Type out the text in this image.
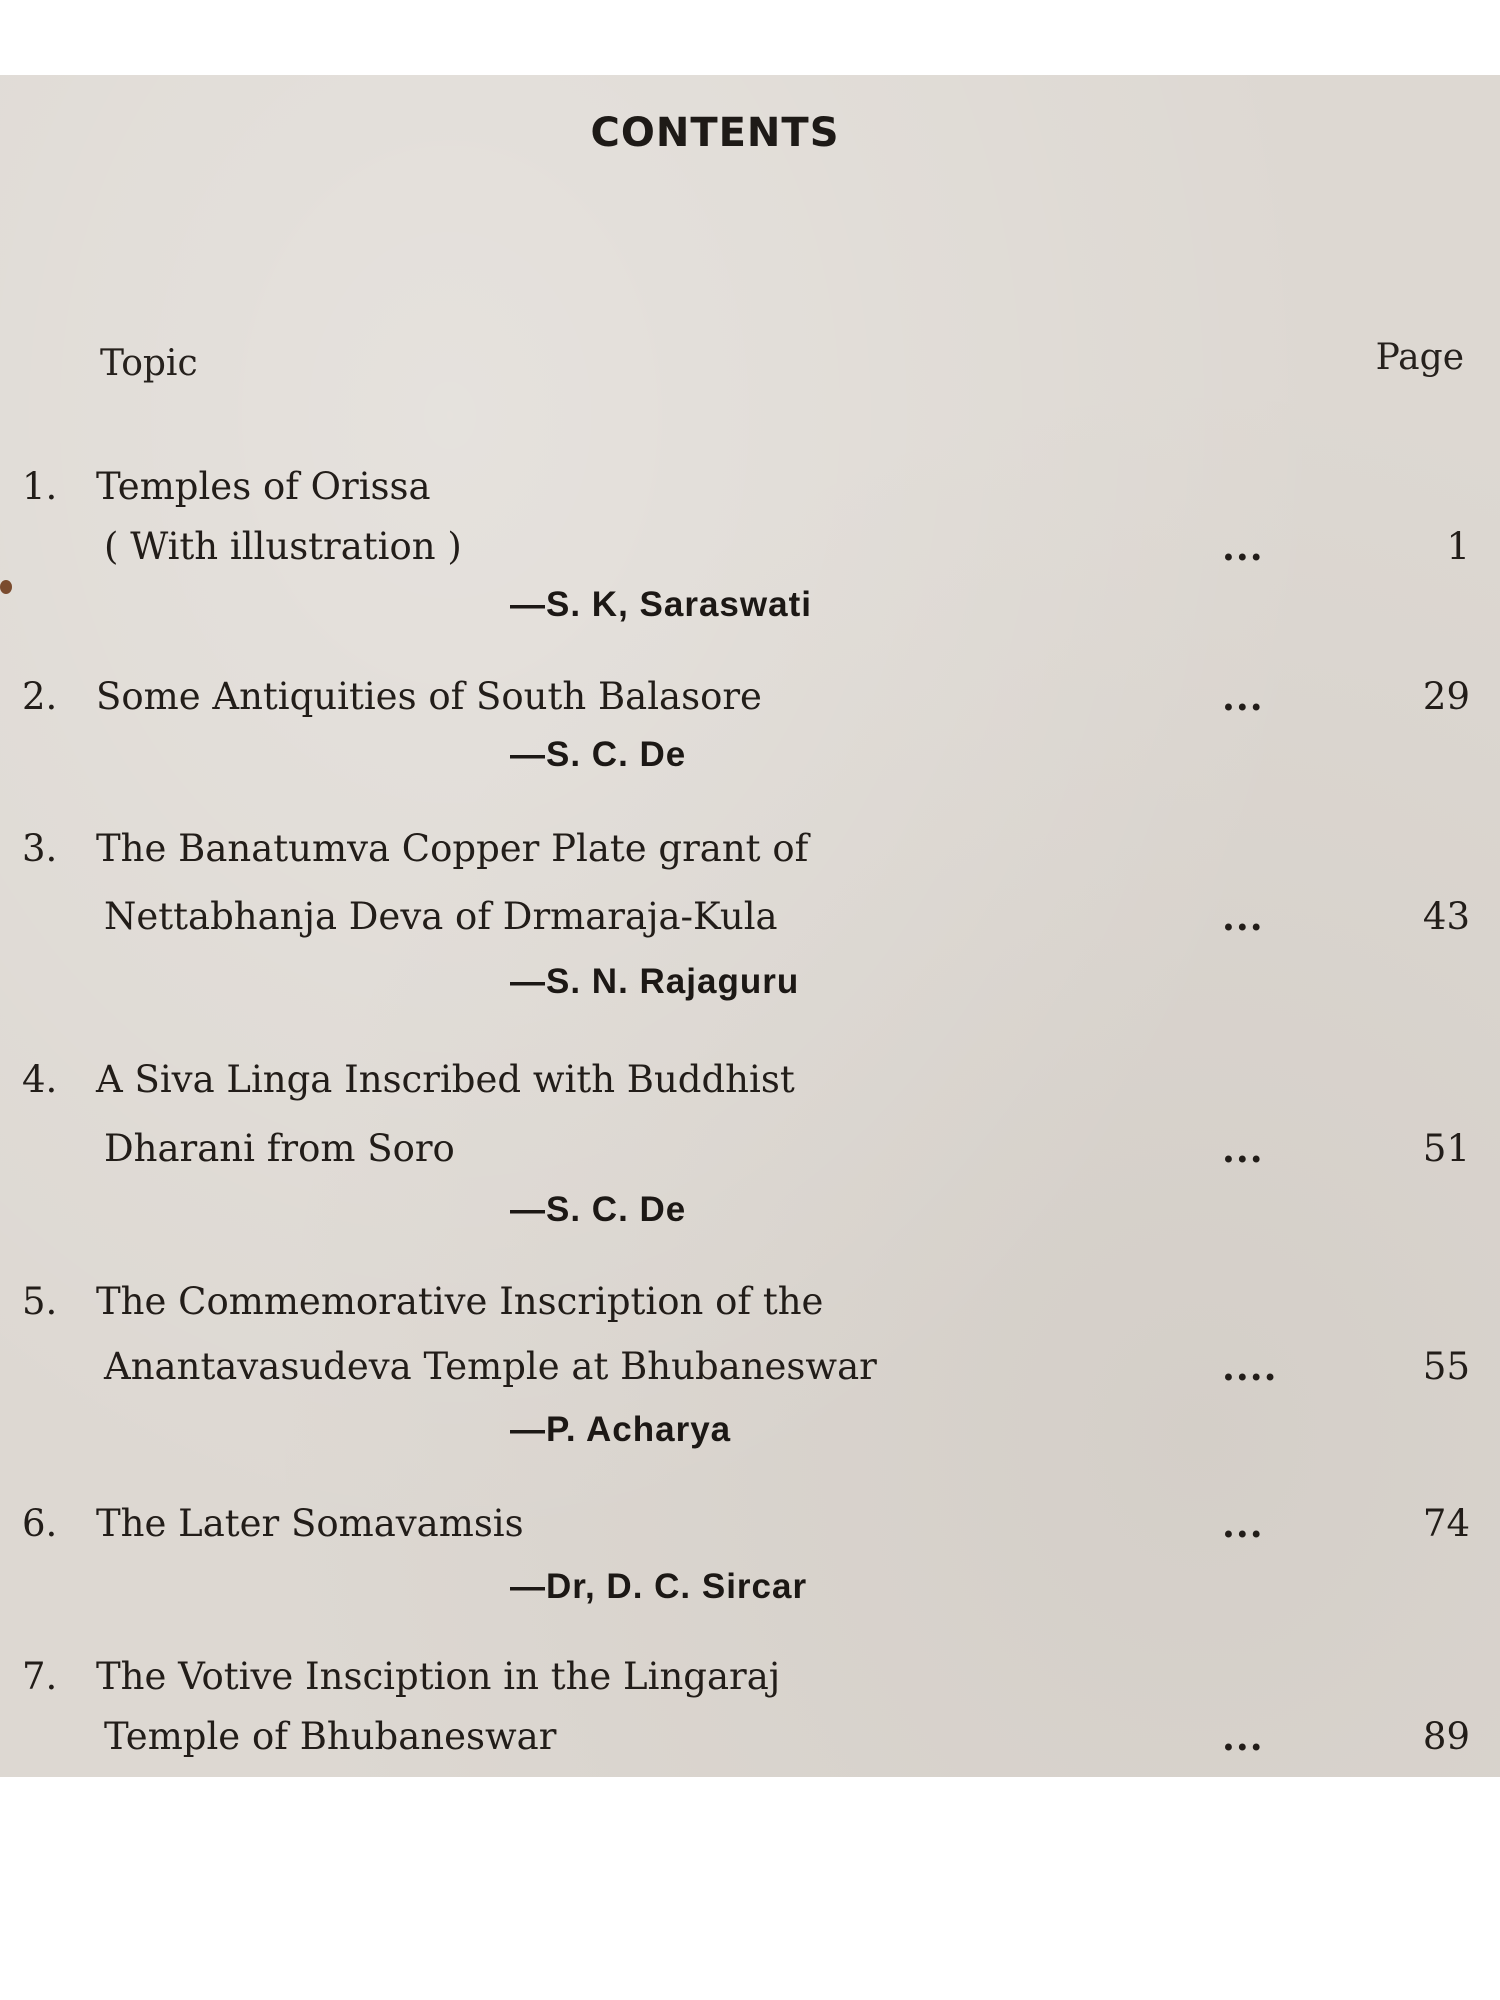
CONTENTS
Topic	Page
1. Temples of Orissa
( With illustration )	...	1
—S. K, Saraswati
2. Some Antiquities of South Balasore	...	29
—S. C. De
3. The Banatumva Copper Plate grant of
Nettabhanja Deva of Drmaraja-Kula	...	43
—S. N. Rajaguru
4. A Siva Linga Inscribed with Buddhist
Dharani from Soro	...	51
—S. C. De
5. The Commemorative Inscription of the
Anantavasudeva Temple at Bhubaneswar	....	55
—P. Acharya
6. The Later Somavamsis	...	74
—Dr, D. C. Sircar
7. The Votive Insciption in the Lingaraj
Temple of Bhubaneswar	...	89
